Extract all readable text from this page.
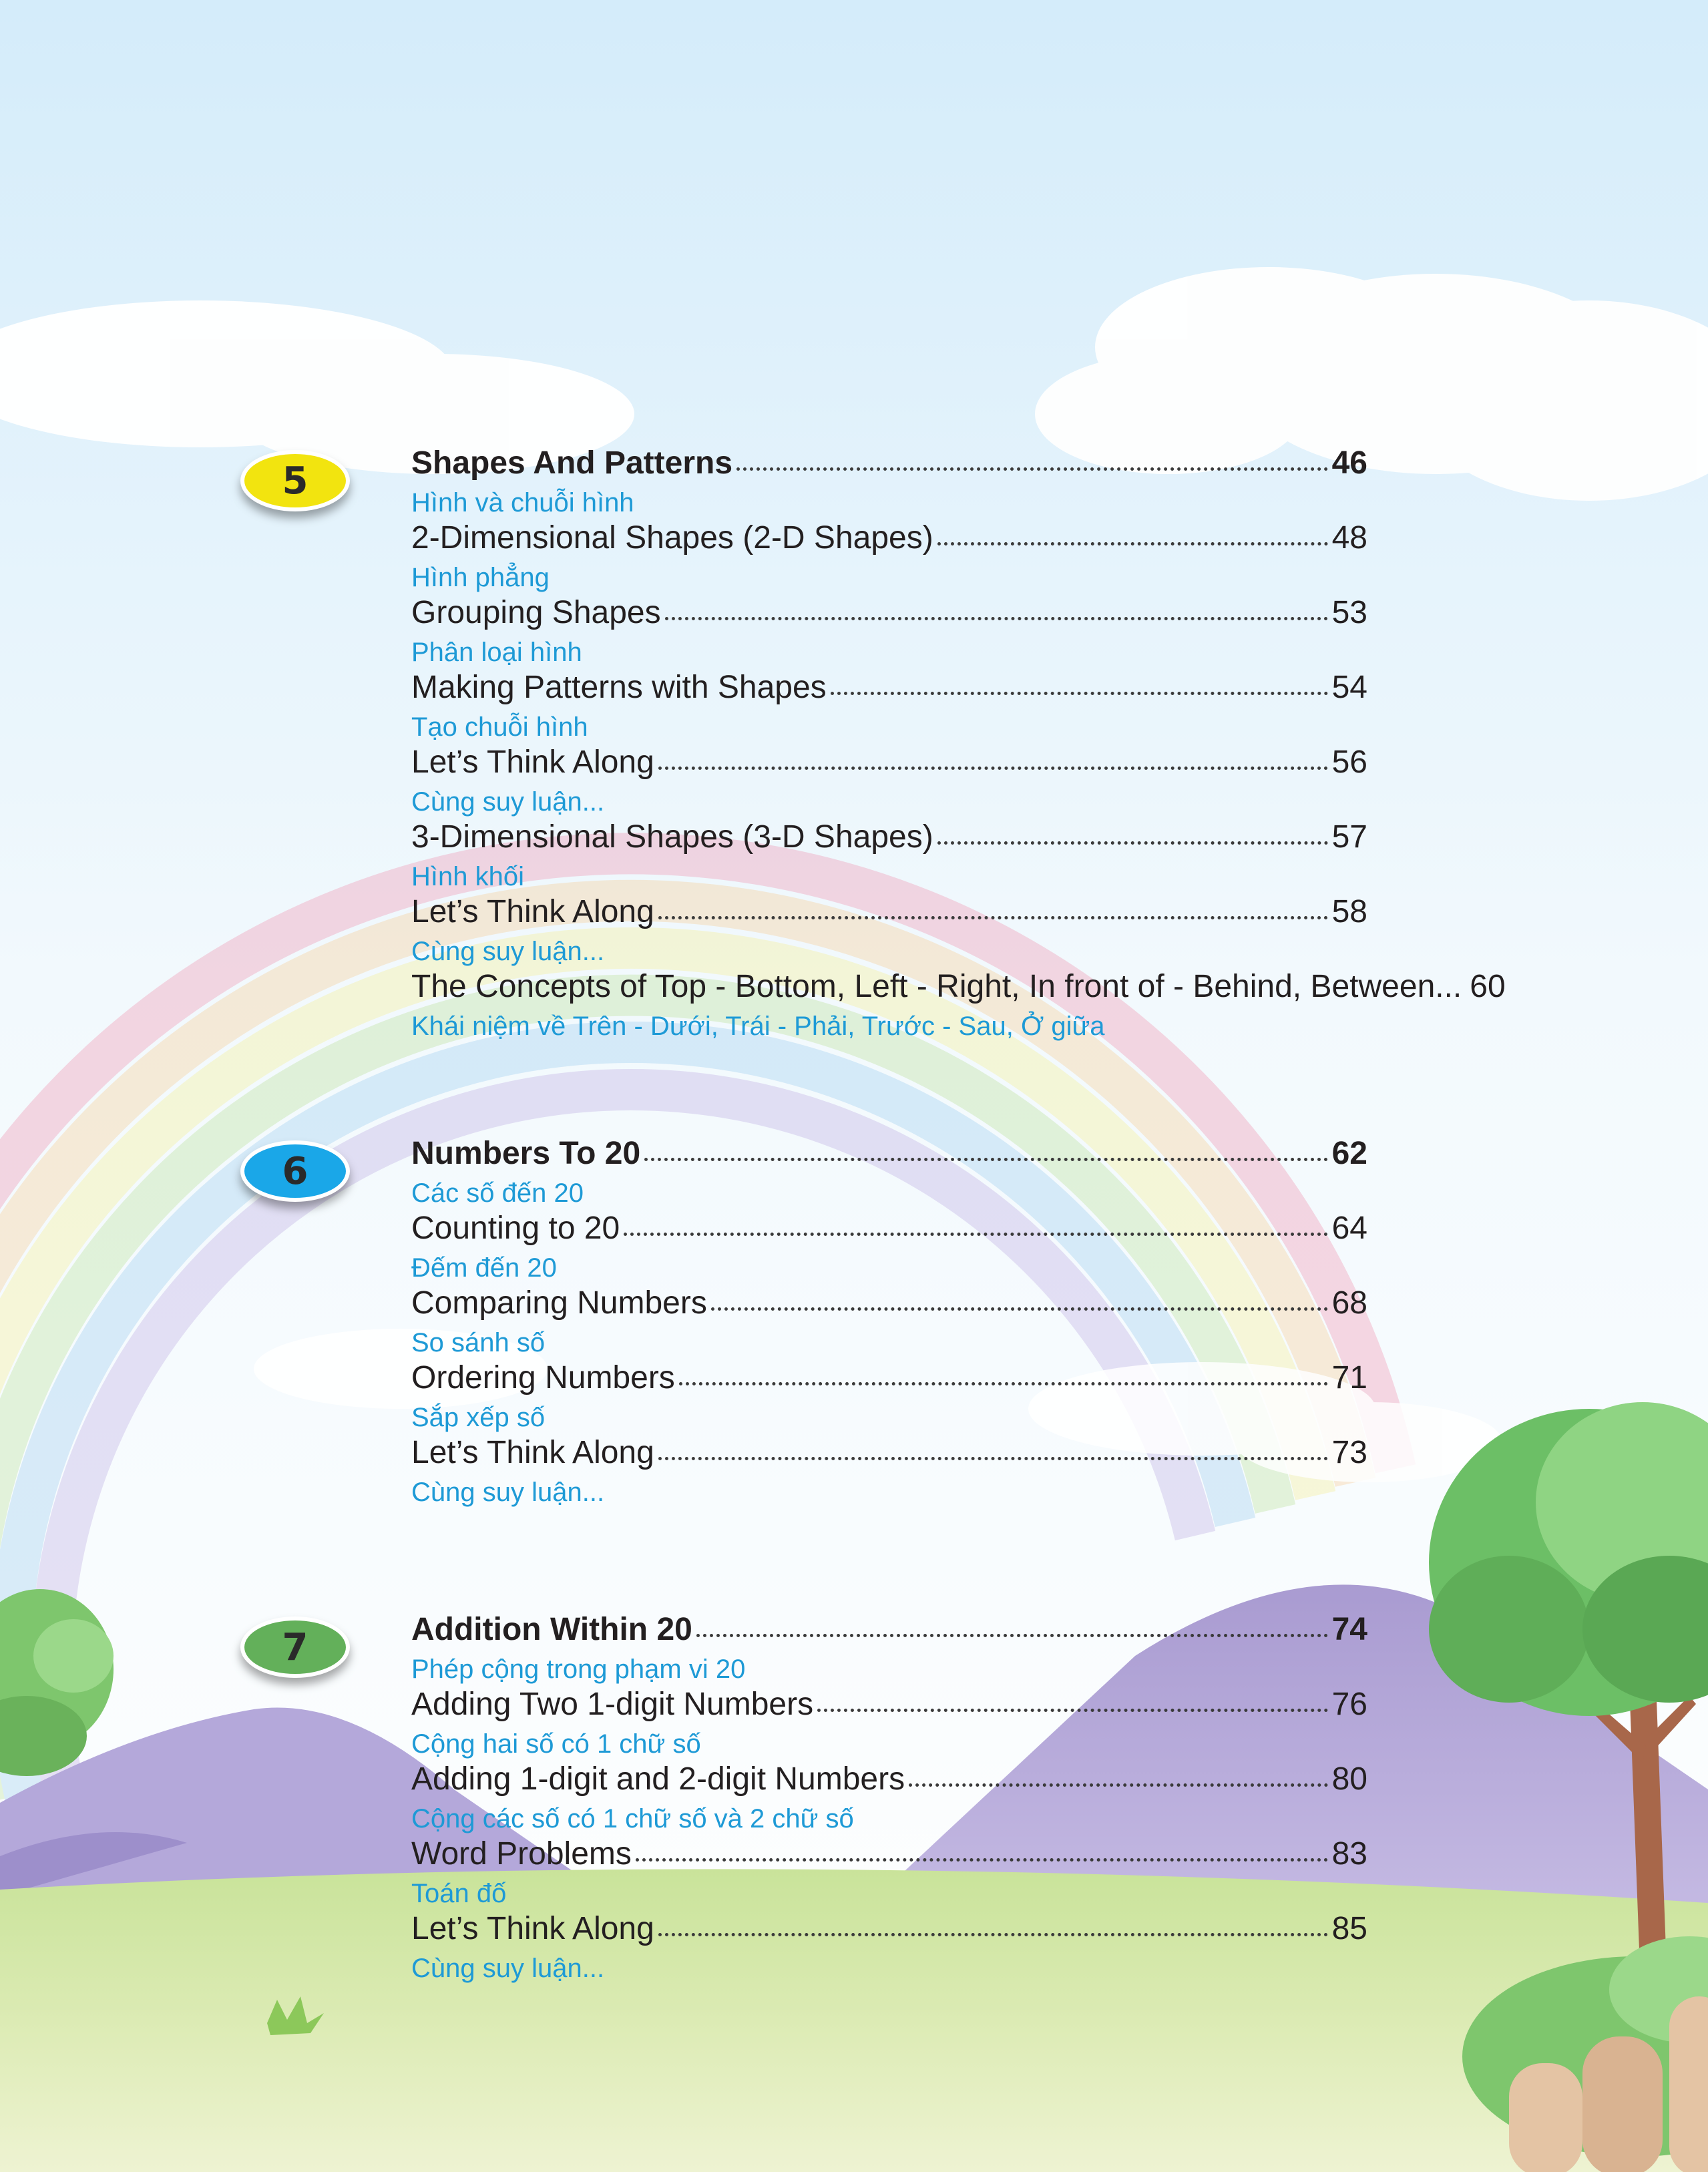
5	Shapes And Patterns	46
Hình và chuỗi hình
2-Dimensional Shapes (2-D Shapes)	48
Hình phẳng
Grouping Shapes	53
Phân loại hình
Making Patterns with Shapes	54
Tạo chuỗi hình
Let’s Think Along	56
Cùng suy luận...
3-Dimensional Shapes (3-D Shapes)	57
Hình khối
Let’s Think Along	58
Cùng suy luận...
The Concepts of Top - Bottom, Left - Right, In front of - Behind, Between... 60
Khái niệm về Trên - Dưới, Trái - Phải, Trước - Sau, Ở giữa
6	Numbers To 20	62
Các số đến 20
Counting to 20	64
Đếm đến 20
Comparing Numbers	68
So sánh số
Ordering Numbers	71
Sắp xếp số
Let’s Think Along	73
Cùng suy luận...
7	Addition Within 20	74
Phép cộng trong phạm vi 20
Adding Two 1-digit Numbers	76
Cộng hai số có 1 chữ số
Adding 1-digit and 2-digit Numbers	80
Cộng các số có 1 chữ số và 2 chữ số
Word Problems	83
Toán đố
Let’s Think Along	85
Cùng suy luận...
